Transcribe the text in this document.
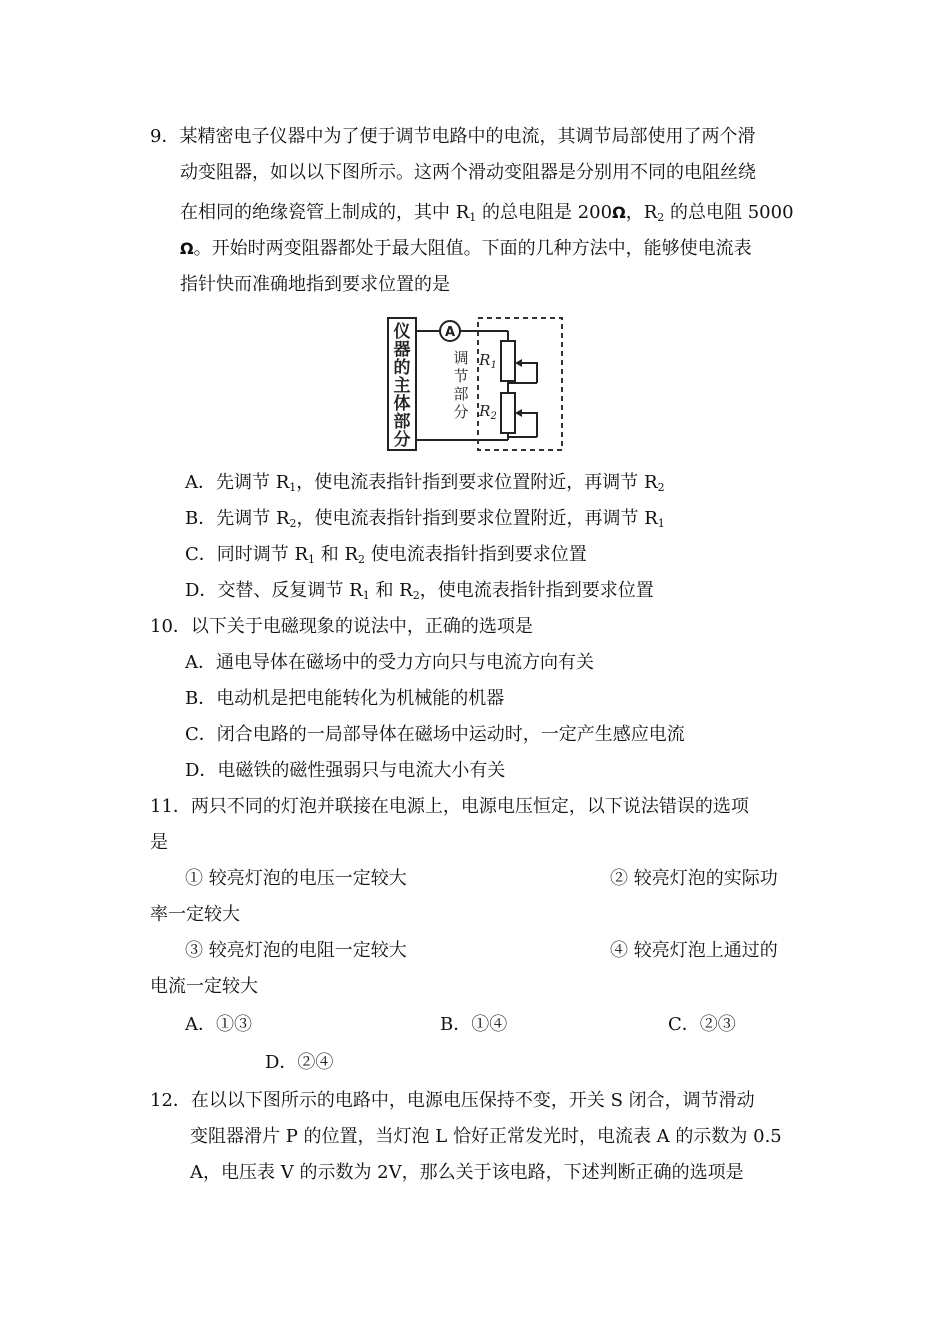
9．某精密电子仪器中为了便于调节电路中的电流，其调节局部使用了两个滑
动变阻器，如以以下图所示。这两个滑动变阻器是分别用不同的电阻丝绕
在相同的绝缘瓷管上制成的，其中 $R_1$ 的总电阻是 200Ω，$R_2$ 的总电阻 5000
Ω。开始时两变阻器都处于最大阻值。下面的几种方法中，能够使电流表
指针快而准确地指到要求位置的是
仪
器
的
主
体
部
分
A
调
节
部
分
$R_1$
$R_2$
A．先调节 $R_1$，使电流表指针指到要求位置附近，再调节 $R_2$
B．先调节 $R_2$，使电流表指针指到要求位置附近，再调节 $R_1$
C．同时调节 $R_1$ 和 $R_2$ 使电流表指针指到要求位置
D．交替、反复调节 $R_1$ 和 $R_2$，使电流表指针指到要求位置
10．以下关于电磁现象的说法中，正确的选项是
A．通电导体在磁场中的受力方向只与电流方向有关
B．电动机是把电能转化为机械能的机器
C．闭合电路的一局部导体在磁场中运动时，一定产生感应电流
D．电磁铁的磁性强弱只与电流大小有关
11．两只不同的灯泡并联接在电源上，电源电压恒定，以下说法错误的选项
是
① 较亮灯泡的电压一定较大	② 较亮灯泡的实际功
率一定较大
③ 较亮灯泡的电阻一定较大	④ 较亮灯泡上通过的
电流一定较大
A．①③	B．①④	C．②③
D．②④
12．在以以下图所示的电路中，电源电压保持不变，开关 S 闭合，调节滑动
变阻器滑片 P 的位置，当灯泡 L 恰好正常发光时，电流表 A 的示数为 0.5
A，电压表 V 的示数为 2V，那么关于该电路，下述判断正确的选项是
